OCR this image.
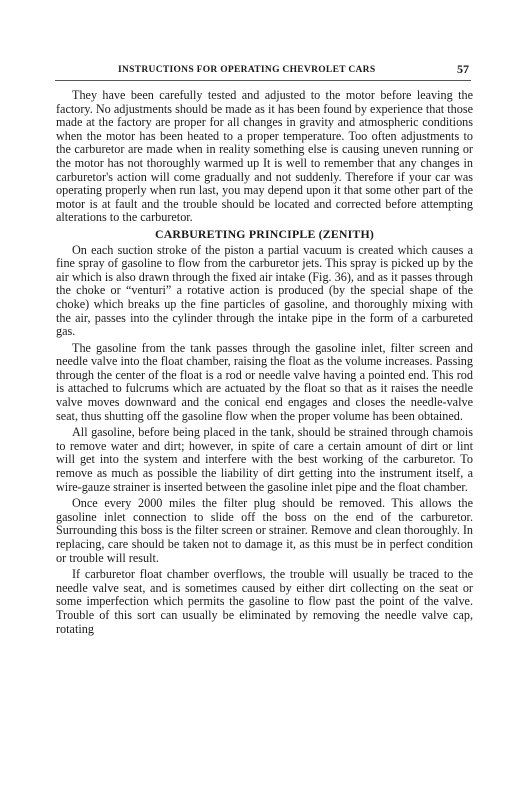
INSTRUCTIONS FOR OPERATING CHEVROLET CARS	57

They have been carefully tested and adjusted to the motor before leaving the factory. No adjustments should be made as it has been found by experience that those made at the factory are proper for all changes in gravity and atmospheric conditions when the motor has been heated to a proper temperature. Too often adjustments to the carburetor are made when in reality something else is causing uneven running or the motor has not thoroughly warmed up It is well to remember that any changes in carburetor's action will come gradually and not suddenly. Therefore if your car was operating properly when run last, you may depend upon it that some other part of the motor is at fault and the trouble should be located and corrected before attempting alterations to the carburetor.

CARBURETING PRINCIPLE (ZENITH)

On each suction stroke of the piston a partial vacuum is created which causes a fine spray of gasoline to flow from the carburetor jets. This spray is picked up by the air which is also drawn through the fixed air intake (Fig. 36), and as it passes through the choke or “venturi” a rotative action is produced (by the special shape of the choke) which breaks up the fine particles of gasoline, and thoroughly mixing with the air, passes into the cylinder through the intake pipe in the form of a carbureted gas.

The gasoline from the tank passes through the gasoline inlet, filter screen and needle valve into the float chamber, raising the float as the volume increases. Passing through the center of the float is a rod or needle valve having a pointed end. This rod is attached to fulcrums which are actuated by the float so that as it raises the needle valve moves downward and the conical end engages and closes the needle-valve seat, thus shutting off the gasoline flow when the proper volume has been obtained.

All gasoline, before being placed in the tank, should be strained through chamois to remove water and dirt; however, in spite of care a certain amount of dirt or lint will get into the system and interfere with the best working of the carburetor. To remove as much as possible the liability of dirt getting into the instrument itself, a wire-gauze strainer is inserted between the gasoline inlet pipe and the float chamber.

Once every 2000 miles the filter plug should be removed. This allows the gasoline inlet connection to slide off the boss on the end of the carburetor. Surrounding this boss is the filter screen or strainer. Remove and clean thoroughly. In replacing, care should be taken not to damage it, as this must be in perfect condition or trouble will result.

If carburetor float chamber overflows, the trouble will usually be traced to the needle valve seat, and is sometimes caused by either dirt collecting on the seat or some imperfection which permits the gasoline to flow past the point of the valve. Trouble of this sort can usually be eliminated by removing the needle valve cap, rotating
